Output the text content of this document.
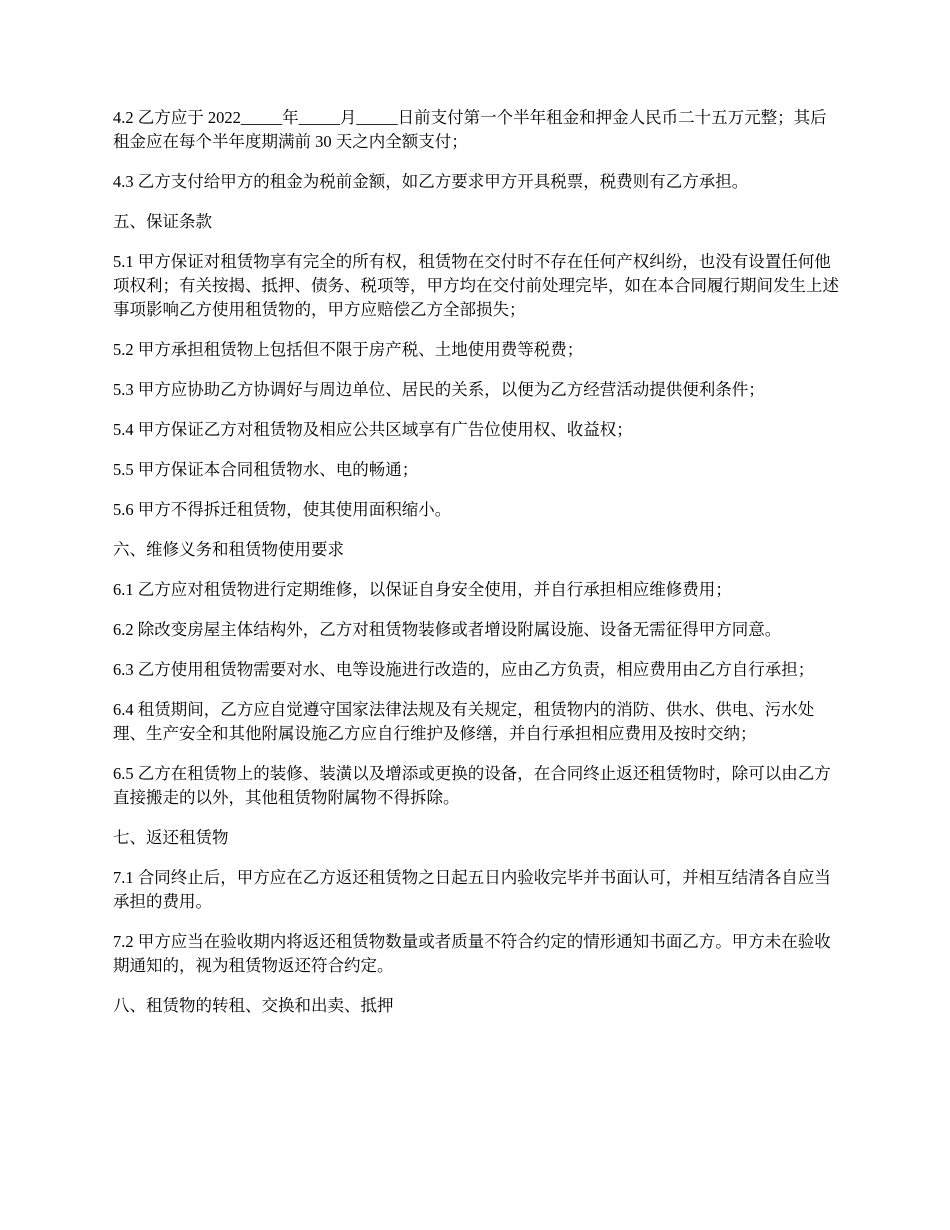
4.2 乙方应于 2022_____年_____月_____日前支付第一个半年租金和押金人民币二十五万元整；其后租金应在每个半年度期满前 30 天之内全额支付；

4.3 乙方支付给甲方的租金为税前金额，如乙方要求甲方开具税票，税费则有乙方承担。

五、保证条款

5.1 甲方保证对租赁物享有完全的所有权，租赁物在交付时不存在任何产权纠纷，也没有设置任何他项权利；有关按揭、抵押、债务、税项等，甲方均在交付前处理完毕，如在本合同履行期间发生上述事项影响乙方使用租赁物的，甲方应赔偿乙方全部损失；

5.2 甲方承担租赁物上包括但不限于房产税、土地使用费等税费；

5.3 甲方应协助乙方协调好与周边单位、居民的关系，以便为乙方经营活动提供便利条件；

5.4 甲方保证乙方对租赁物及相应公共区域享有广告位使用权、收益权；

5.5 甲方保证本合同租赁物水、电的畅通；

5.6 甲方不得拆迁租赁物，使其使用面积缩小。

六、维修义务和租赁物使用要求

6.1 乙方应对租赁物进行定期维修，以保证自身安全使用，并自行承担相应维修费用；

6.2 除改变房屋主体结构外，乙方对租赁物装修或者增设附属设施、设备无需征得甲方同意。

6.3 乙方使用租赁物需要对水、电等设施进行改造的，应由乙方负责，相应费用由乙方自行承担；

6.4 租赁期间，乙方应自觉遵守国家法律法规及有关规定，租赁物内的消防、供水、供电、污水处理、生产安全和其他附属设施乙方应自行维护及修缮，并自行承担相应费用及按时交纳；

6.5 乙方在租赁物上的装修、装潢以及增添或更换的设备，在合同终止返还租赁物时，除可以由乙方直接搬走的以外，其他租赁物附属物不得拆除。

七、返还租赁物

7.1 合同终止后，甲方应在乙方返还租赁物之日起五日内验收完毕并书面认可，并相互结清各自应当承担的费用。

7.2 甲方应当在验收期内将返还租赁物数量或者质量不符合约定的情形通知书面乙方。甲方未在验收期通知的，视为租赁物返还符合约定。

八、租赁物的转租、交换和出卖、抵押
